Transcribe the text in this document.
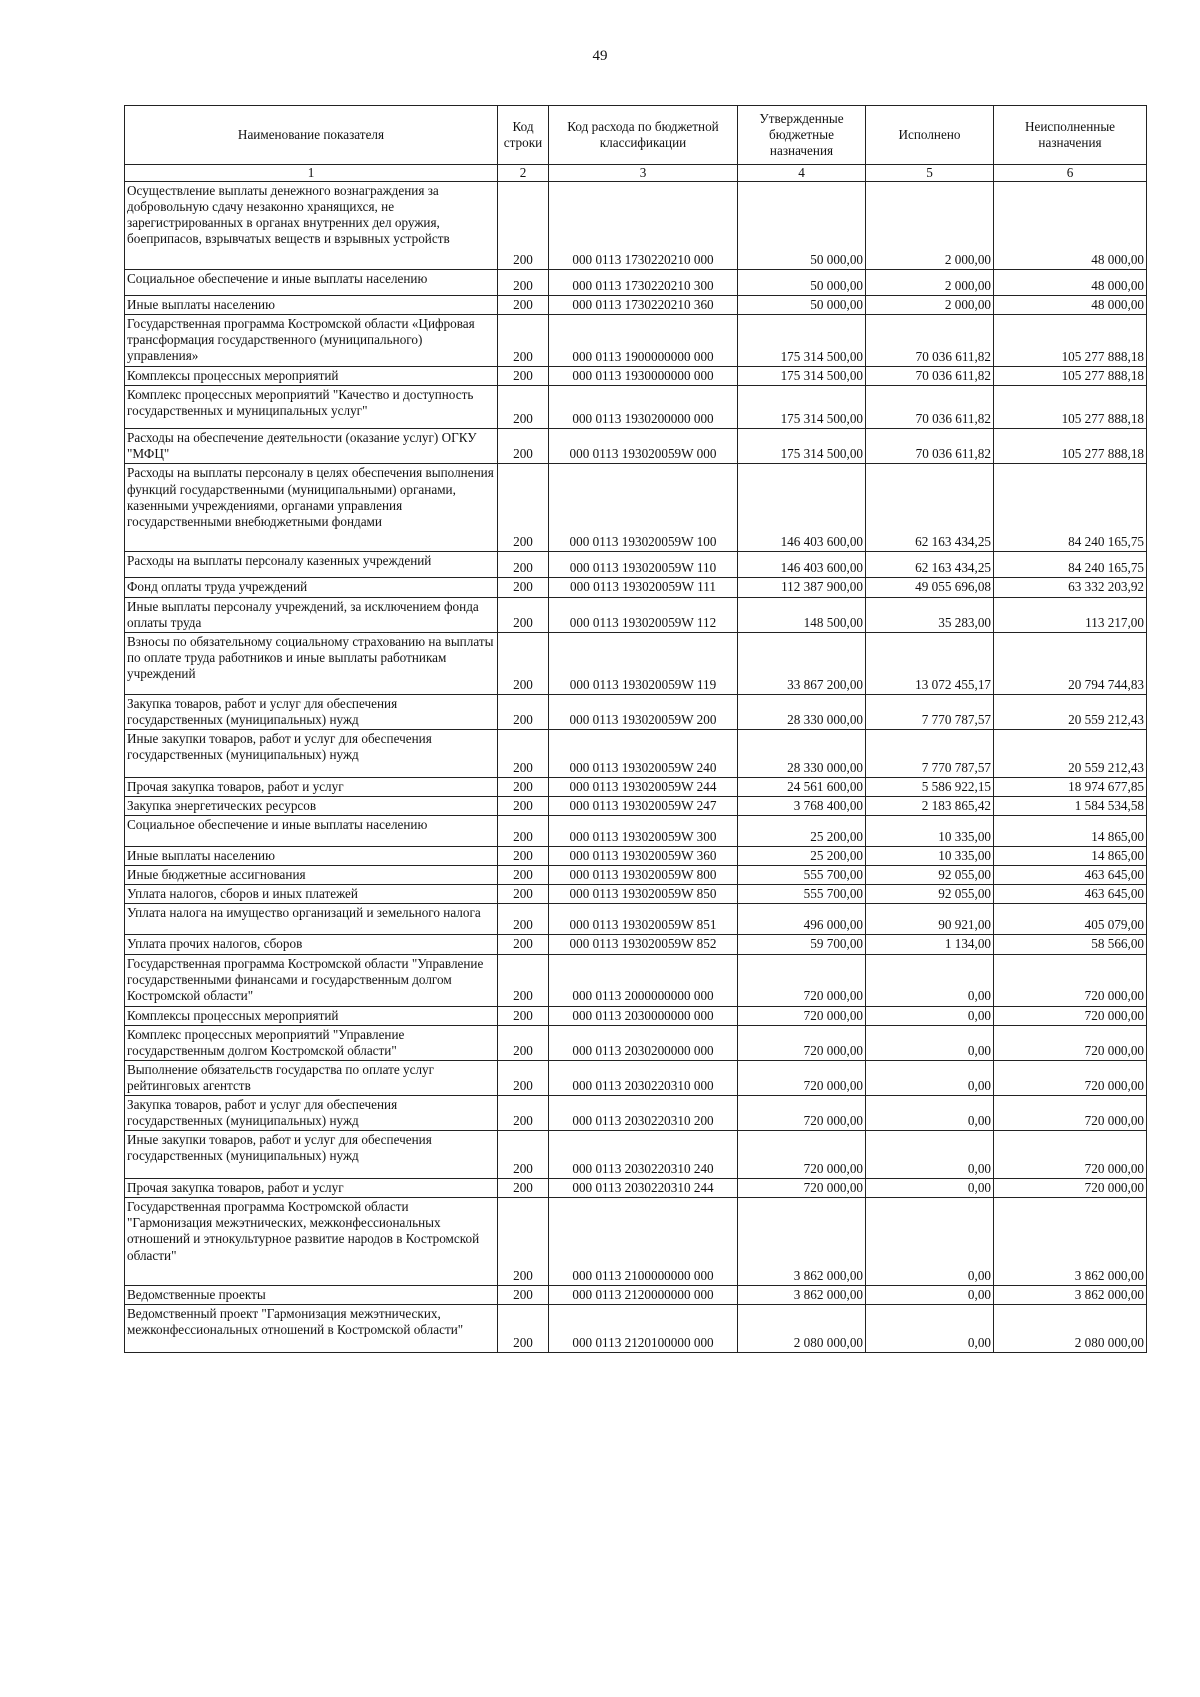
49
Наименование показателя	Код строки	Код расхода по бюджетной классификации	Утвержденные бюджетные назначения	Исполнено	Неисполненные назначения
1	2	3	4	5	6
Осуществление выплаты денежного вознаграждения за добровольную сдачу незаконно хранящихся, не зарегистрированных в органах внутренних дел оружия, боеприпасов, взрывчатых веществ и взрывных устройств	200	000 0113 1730220210 000	50 000,00	2 000,00	48 000,00
Социальное обеспечение и иные выплаты населению	200	000 0113 1730220210 300	50 000,00	2 000,00	48 000,00
Иные выплаты населению	200	000 0113 1730220210 360	50 000,00	2 000,00	48 000,00
Государственная программа Костромской области «Цифровая трансформация государственного (муниципального) управления»	200	000 0113 1900000000 000	175 314 500,00	70 036 611,82	105 277 888,18
Комплексы процессных мероприятий	200	000 0113 1930000000 000	175 314 500,00	70 036 611,82	105 277 888,18
Комплекс процессных мероприятий "Качество и доступность государственных и муниципальных услуг"	200	000 0113 1930200000 000	175 314 500,00	70 036 611,82	105 277 888,18
Расходы на обеспечение деятельности (оказание услуг) ОГКУ "МФЦ"	200	000 0113 193020059W 000	175 314 500,00	70 036 611,82	105 277 888,18
Расходы на выплаты персоналу в целях обеспечения выполнения функций государственными (муниципальными) органами, казенными учреждениями, органами управления государственными внебюджетными фондами	200	000 0113 193020059W 100	146 403 600,00	62 163 434,25	84 240 165,75
Расходы на выплаты персоналу казенных учреждений	200	000 0113 193020059W 110	146 403 600,00	62 163 434,25	84 240 165,75
Фонд оплаты труда учреждений	200	000 0113 193020059W 111	112 387 900,00	49 055 696,08	63 332 203,92
Иные выплаты персоналу учреждений, за исключением фонда оплаты труда	200	000 0113 193020059W 112	148 500,00	35 283,00	113 217,00
Взносы по обязательному социальному страхованию на выплаты по оплате труда работников и иные выплаты работникам учреждений	200	000 0113 193020059W 119	33 867 200,00	13 072 455,17	20 794 744,83
Закупка товаров, работ и услуг для обеспечения государственных (муниципальных) нужд	200	000 0113 193020059W 200	28 330 000,00	7 770 787,57	20 559 212,43
Иные закупки товаров, работ и услуг для обеспечения государственных (муниципальных) нужд	200	000 0113 193020059W 240	28 330 000,00	7 770 787,57	20 559 212,43
Прочая закупка товаров, работ и услуг	200	000 0113 193020059W 244	24 561 600,00	5 586 922,15	18 974 677,85
Закупка энергетических ресурсов	200	000 0113 193020059W 247	3 768 400,00	2 183 865,42	1 584 534,58
Социальное обеспечение и иные выплаты населению	200	000 0113 193020059W 300	25 200,00	10 335,00	14 865,00
Иные выплаты населению	200	000 0113 193020059W 360	25 200,00	10 335,00	14 865,00
Иные бюджетные ассигнования	200	000 0113 193020059W 800	555 700,00	92 055,00	463 645,00
Уплата налогов, сборов и иных платежей	200	000 0113 193020059W 850	555 700,00	92 055,00	463 645,00
Уплата налога на имущество организаций и земельного налога	200	000 0113 193020059W 851	496 000,00	90 921,00	405 079,00
Уплата прочих налогов, сборов	200	000 0113 193020059W 852	59 700,00	1 134,00	58 566,00
Государственная программа Костромской области "Управление государственными финансами и государственным долгом Костромской области"	200	000 0113 2000000000 000	720 000,00	0,00	720 000,00
Комплексы процессных мероприятий	200	000 0113 2030000000 000	720 000,00	0,00	720 000,00
Комплекс процессных мероприятий "Управление государственным долгом Костромской области"	200	000 0113 2030200000 000	720 000,00	0,00	720 000,00
Выполнение обязательств государства по оплате услуг рейтинговых агентств	200	000 0113 2030220310 000	720 000,00	0,00	720 000,00
Закупка товаров, работ и услуг для обеспечения государственных (муниципальных) нужд	200	000 0113 2030220310 200	720 000,00	0,00	720 000,00
Иные закупки товаров, работ и услуг для обеспечения государственных (муниципальных) нужд	200	000 0113 2030220310 240	720 000,00	0,00	720 000,00
Прочая закупка товаров, работ и услуг	200	000 0113 2030220310 244	720 000,00	0,00	720 000,00
Государственная программа Костромской области "Гармонизация межэтнических, межконфессиональных отношений и этнокультурное развитие народов в Костромской области"	200	000 0113 2100000000 000	3 862 000,00	0,00	3 862 000,00
Ведомственные проекты	200	000 0113 2120000000 000	3 862 000,00	0,00	3 862 000,00
Ведомственный проект "Гармонизация межэтнических, межконфессиональных отношений в Костромской области"	200	000 0113 2120100000 000	2 080 000,00	0,00	2 080 000,00
